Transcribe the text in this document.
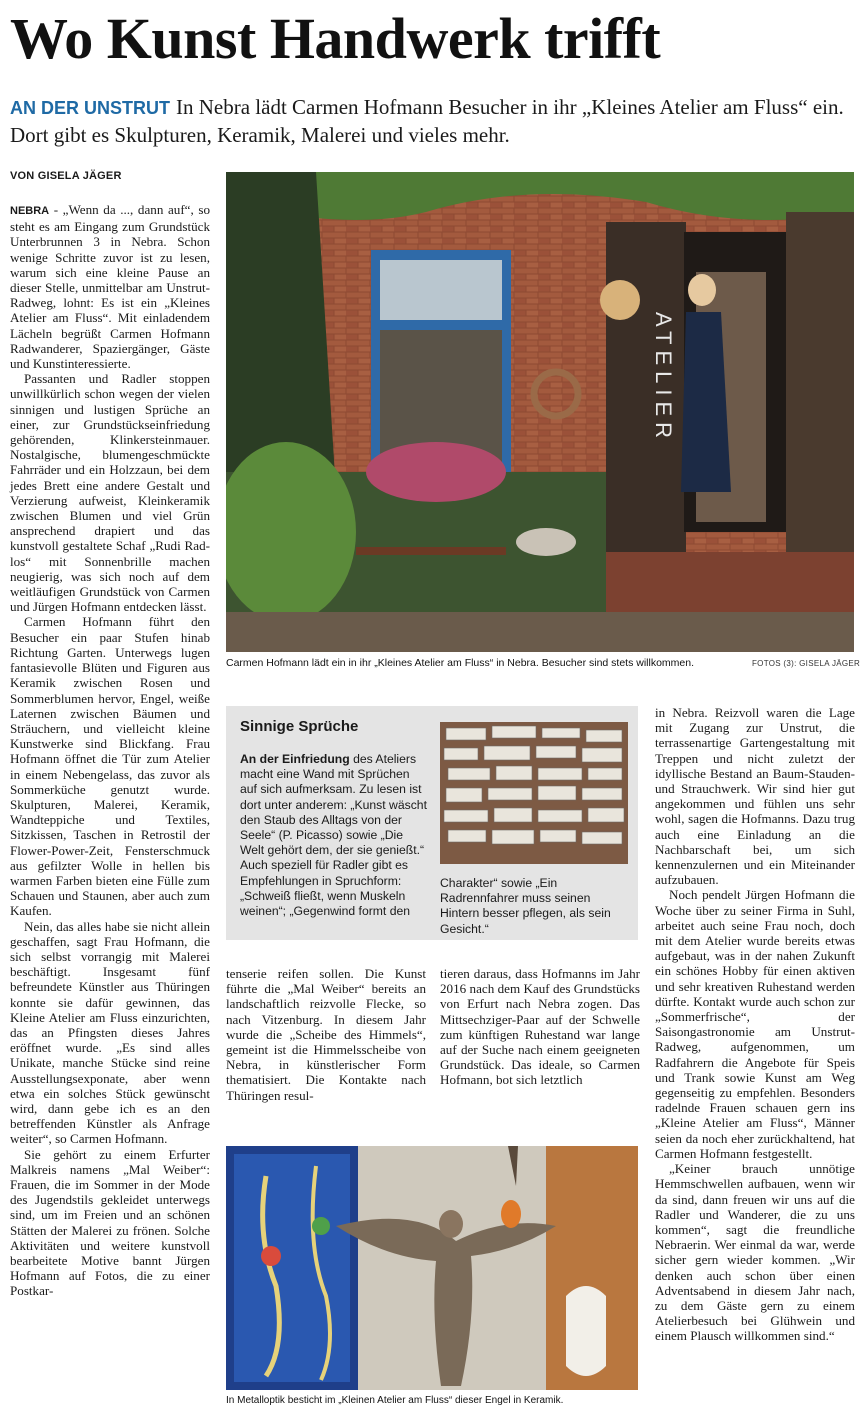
Wo Kunst Handwerk trifft

AN DER UNSTRUT In Nebra lädt Carmen Hofmann Besucher in ihr „Kleines Atelier am Fluss“ ein. Dort gibt es Skulpturen, Keramik, Malerei und vieles mehr.

VON GISELA JÄGER

NEBRA - „Wenn da ..., dann auf“, so steht es am Eingang zum Grundstück Unterbrunnen 3 in Nebra. Schon wenige Schritte zuvor ist zu lesen, warum sich eine kleine Pause an dieser Stelle, unmittelbar am Unstrut-Radweg, lohnt: Es ist ein „Kleines Atelier am Fluss“. Mit einladendem Lächeln begrüßt Carmen Hofmann Radwanderer, Spaziergänger, Gäste und Kunstinteressierte.

Passanten und Radler stoppen unwillkürlich schon wegen der vielen sinnigen und lustigen Sprüche an einer, zur Grundstückseinfriedung gehörenden, Klinkersteinmauer. Nostalgische, blumengeschmückte Fahrräder und ein Holzzaun, bei dem jedes Brett eine andere Gestalt und Verzierung aufweist, Kleinkeramik zwischen Blumen und viel Grün ansprechend drapiert und das kunstvoll gestaltete Schaf „Rudi Rad-los“ mit Sonnenbrille machen neugierig, was sich noch auf dem weitläufigen Grundstück von Carmen und Jürgen Hofmann entdecken lässt.

Carmen Hofmann führt den Besucher ein paar Stufen hinab Richtung Garten. Unterwegs lugen fantasievolle Blüten und Figuren aus Keramik zwischen Rosen und Sommerblumen hervor, Engel, weiße Laternen zwischen Bäumen und Sträuchern, und vielleicht kleine Kunstwerke sind Blickfang. Frau Hofmann öffnet die Tür zum Atelier in einem Nebengelass, das zuvor als Sommerküche genutzt wurde. Skulpturen, Malerei, Keramik, Wandteppiche und Textiles, Sitzkissen, Taschen in Retrostil der Flower-Power-Zeit, Fensterschmuck aus gefilzter Wolle in hellen bis warmen Farben bieten eine Fülle zum Schauen und Staunen, aber auch zum Kaufen.

Nein, das alles habe sie nicht allein geschaffen, sagt Frau Hofmann, die sich selbst vorrangig mit Malerei beschäftigt. Insgesamt fünf befreundete Künstler aus Thüringen konnte sie dafür gewinnen, das Kleine Atelier am Fluss einzurichten, das an Pfingsten dieses Jahres eröffnet wurde. „Es sind alles Unikate, manche Stücke sind reine Ausstellungsexponate, aber wenn etwa ein solches Stück gewünscht wird, dann gebe ich es an den betreffenden Künstler als Anfrage weiter“, so Carmen Hofmann.

Sie gehört zu einem Erfurter Malkreis namens „Mal Weiber“: Frauen, die im Sommer in der Mode des Jugendstils gekleidet unterwegs sind, um im Freien und an schönen Stätten der Malerei zu frönen. Solche Aktivitäten und weitere kunstvoll bearbeitete Motive bannt Jürgen Hofmann auf Fotos, die zu einer Postkar-

ATELIER
Carmen Hofmann lädt ein in ihr „Kleines Atelier am Fluss“ in Nebra. Besucher sind stets willkommen.	FOTOS (3): GISELA JÄGER
Sinnige Sprüche
An der Einfriedung des Ateliers macht eine Wand mit Sprüchen auf sich aufmerksam. Zu lesen ist dort unter anderem: „Kunst wäscht den Staub des Alltags von der Seele“ (P. Picasso) sowie „Die Welt gehört dem, der sie genießt.“ Auch speziell für Radler gibt es Empfehlungen in Spruchform: „Schweiß fließt, wenn Muskeln weinen“; „Gegenwind formt den
Charakter“ sowie „Ein Radrennfahrer muss seinen Hintern besser pflegen, als sein Gesicht.“

tenserie reifen sollen. Die Kunst führte die „Mal Weiber“ bereits an landschaftlich reizvolle Flecke, so nach Vitzenburg. In diesem Jahr wurde die „Scheibe des Himmels“, gemeint ist die Himmelsscheibe von Nebra, in künstlerischer Form thematisiert. Die Kontakte nach Thüringen resul-

tieren daraus, dass Hofmanns im Jahr 2016 nach dem Kauf des Grundstücks von Erfurt nach Nebra zogen. Das Mittsechziger-Paar auf der Schwelle zum künftigen Ruhestand war lange auf der Suche nach einem geeigneten Grundstück. Das ideale, so Carmen Hofmann, bot sich letztlich

In Metalloptik besticht im „Kleinen Atelier am Fluss“ dieser Engel in Keramik.

in Nebra. Reizvoll waren die Lage mit Zugang zur Unstrut, die terrassenartige Gartengestaltung mit Treppen und nicht zuletzt der idyllische Bestand an Baum-Stauden- und Strauchwerk. Wir sind hier gut angekommen und fühlen uns sehr wohl, sagen die Hofmanns. Dazu trug auch eine Einladung an die Nachbarschaft bei, um sich kennenzulernen und ein Miteinander aufzubauen.

Noch pendelt Jürgen Hofmann die Woche über zu seiner Firma in Suhl, arbeitet auch seine Frau noch, doch mit dem Atelier wurde bereits etwas aufgebaut, was in der nahen Zukunft ein schönes Hobby für einen aktiven und sehr kreativen Ruhestand werden dürfte. Kontakt wurde auch schon zur „Sommerfrische“, der Saisongastronomie am Unstrut-Radweg, aufgenommen, um Radfahrern die Angebote für Speis und Trank sowie Kunst am Weg gegenseitig zu empfehlen. Besonders radelnde Frauen schauen gern ins „Kleine Atelier am Fluss“, Männer seien da noch eher zurückhaltend, hat Carmen Hofmann festgestellt.

„Keiner brauch unnötige Hemmschwellen aufbauen, wenn wir da sind, dann freuen wir uns auf die Radler und Wanderer, die zu uns kommen“, sagt die freundliche Nebraerin. Wer einmal da war, werde sicher gern wieder kommen. „Wir denken auch schon über einen Adventsabend in diesem Jahr nach, zu dem Gäste gern zu einem Atelierbesuch bei Glühwein und einem Plausch willkommen sind.“
